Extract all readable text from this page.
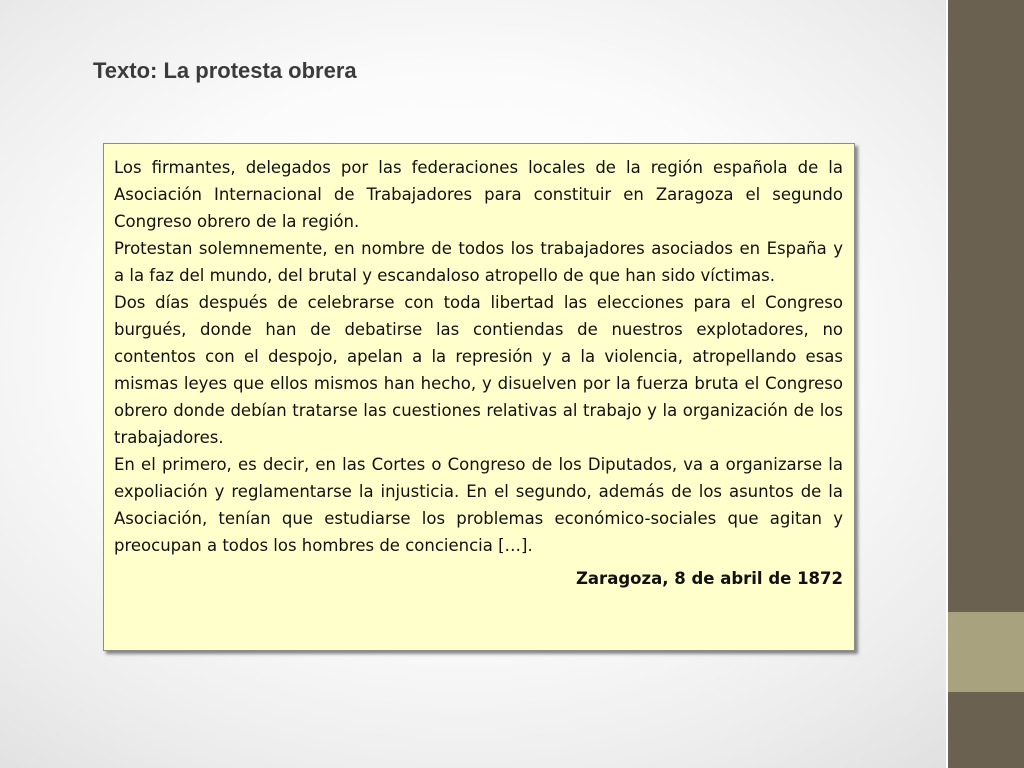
Texto: La protesta obrera

Los firmantes, delegados por las federaciones locales de la región española de la Asociación Internacional de Trabajadores para constituir en Zaragoza el segundo Congreso obrero de la región.

Protestan solemnemente, en nombre de todos los trabajadores asociados en España y a la faz del mundo, del brutal y escandaloso atropello de que han sido víctimas.

Dos días después de celebrarse con toda libertad las elecciones para el Congreso burgués, donde han de debatirse las contiendas de nuestros explotadores, no contentos con el despojo, apelan a la represión y a la violencia, atropellando esas mismas leyes que ellos mismos han hecho, y disuelven por la fuerza bruta el Congreso obrero donde debían tratarse las cuestiones relativas al trabajo y la organización de los trabajadores.

En el primero, es decir, en las Cortes o Congreso de los Diputados, va a organizarse la expoliación y reglamentarse la injusticia. En el segundo, además de los asuntos de la Asociación, tenían que estudiarse los problemas económico-sociales que agitan y preocupan a todos los hombres de conciencia […].

Zaragoza, 8 de abril de 1872
